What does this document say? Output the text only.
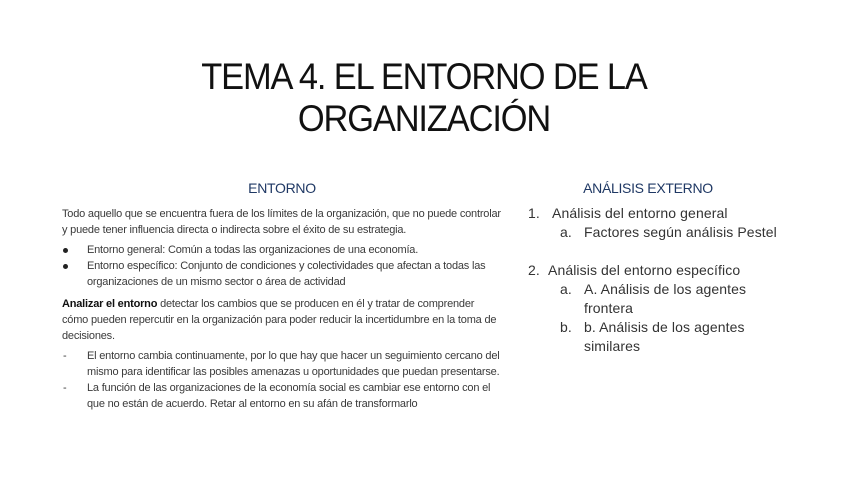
TEMA 4. EL ENTORNO DE LA
ORGANIZACIÓN
ENTORNO

Todo aquello que se encuentra fuera de los límites de la organización, que no puede controlar y puede tener influencia directa o indirecta sobre el éxito de su estrategia.

Entorno general: Común a todas las organizaciones de una economía.
Entorno específico: Conjunto de condiciones y colectividades que afectan a todas las organizaciones de un mismo sector o área de actividad

Analizar el entorno detectar los cambios que se producen en él y tratar de comprender cómo pueden repercutir en la organización para poder reducir la incertidumbre en la toma de decisiones.

- El entorno cambia continuamente, por lo que hay que hacer un seguimiento cercano del mismo para identificar las posibles amenazas u oportunidades que puedan presentarse.
- La función de las organizaciones de la economía social es cambiar ese entorno con el que no están de acuerdo. Retar al entorno en su afán de transformarlo
ANÁLISIS EXTERNO
1. Análisis del entorno general
a. Factores según análisis Pestel
2. Análisis del entorno específico
a. A. Análisis de los agentes frontera
b. b. Análisis de los agentes similares
